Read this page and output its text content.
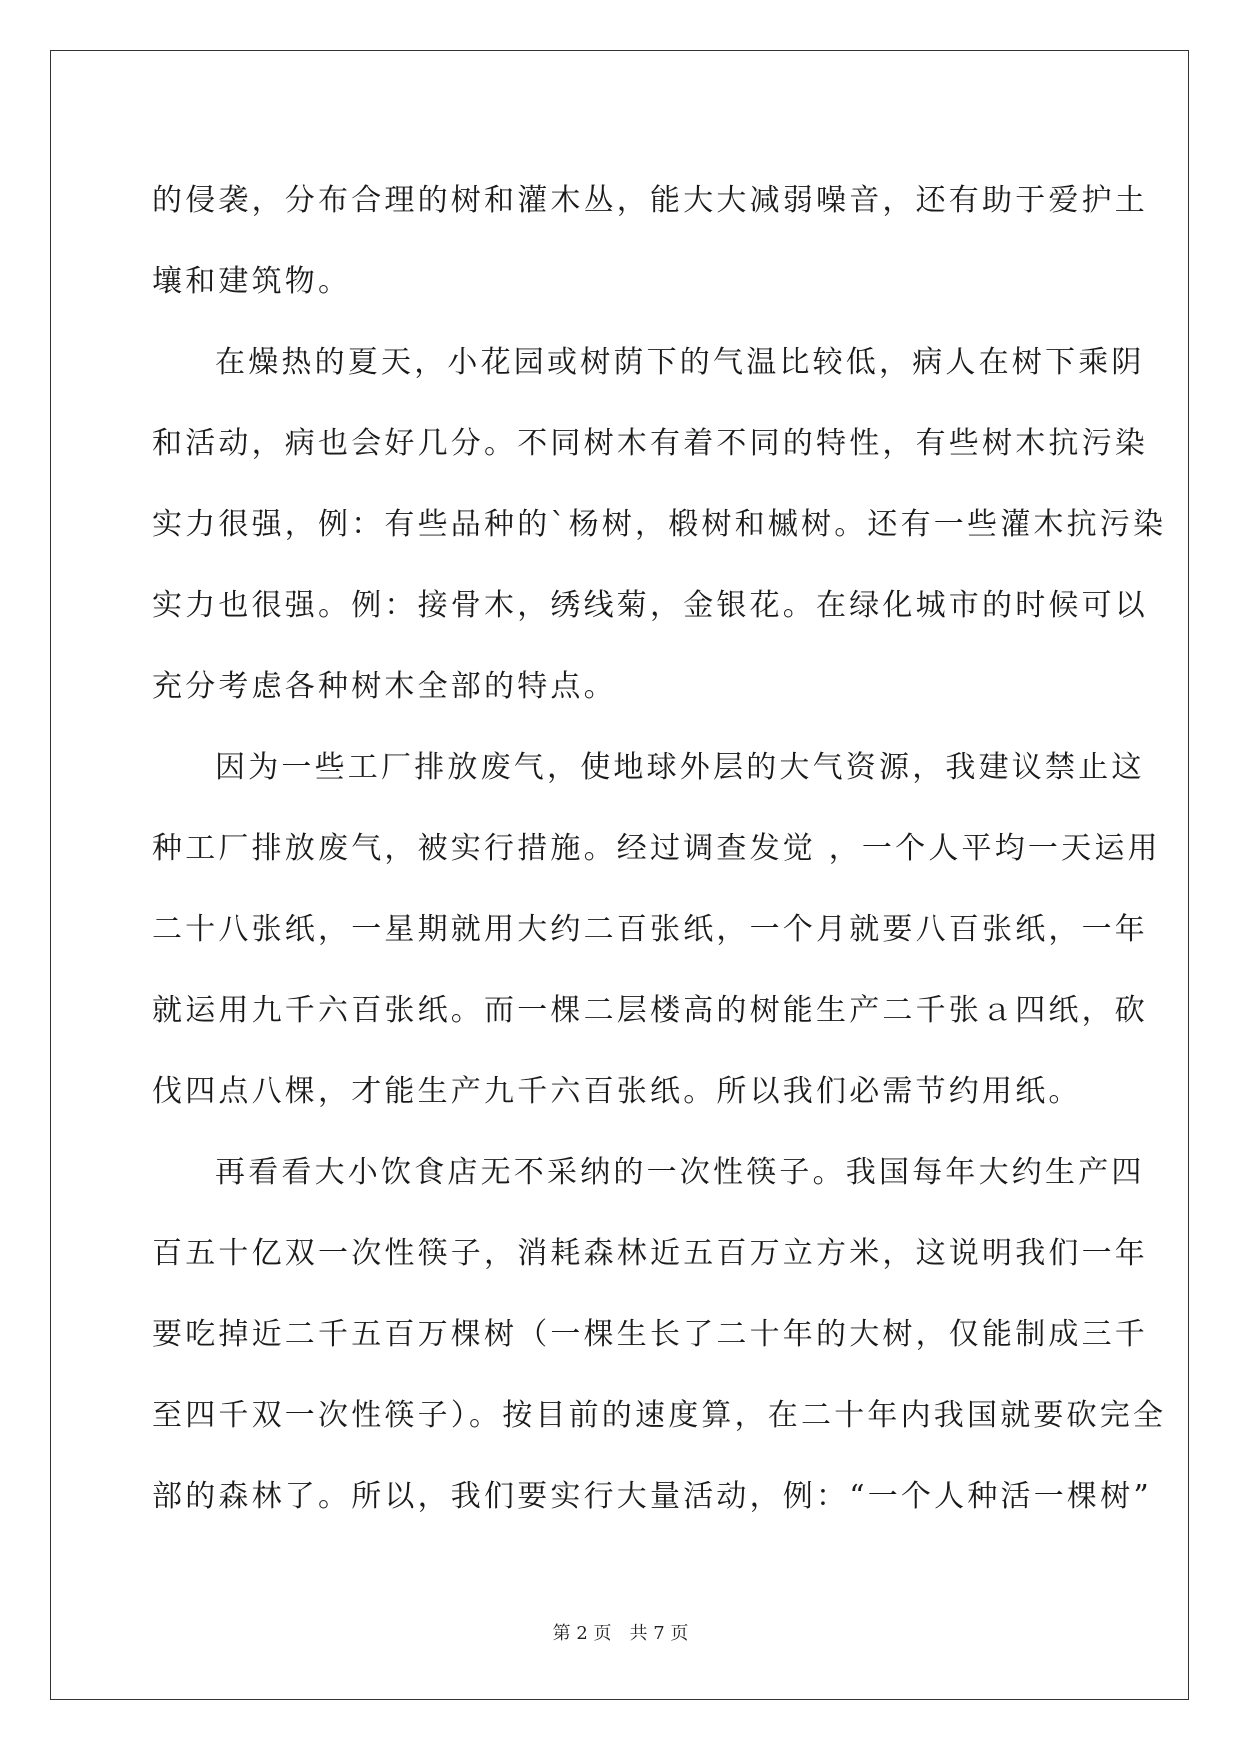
的侵袭，分布合理的树和灌木丛，能大大减弱噪音，还有助于爱护土
壤和建筑物。
在燥热的夏天，小花园或树荫下的气温比较低，病人在树下乘阴
和活动，病也会好几分。不同树木有着不同的特性，有些树木抗污染
实力很强，例：有些品种的`杨树，椴树和槭树。还有一些灌木抗污染
实力也很强。例：接骨木，绣线菊，金银花。在绿化城市的时候可以
充分考虑各种树木全部的特点。
因为一些工厂排放废气，使地球外层的大气资源，我建议禁止这
种工厂排放废气，被实行措施。经过调查发觉 ，一个人平均一天运用
二十八张纸，一星期就用大约二百张纸，一个月就要八百张纸，一年
就运用九千六百张纸。而一棵二层楼高的树能生产二千张ａ四纸，砍
伐四点八棵，才能生产九千六百张纸。所以我们必需节约用纸。
再看看大小饮食店无不采纳的一次性筷子。我国每年大约生产四
百五十亿双一次性筷子，消耗森林近五百万立方米，这说明我们一年
要吃掉近二千五百万棵树（一棵生长了二十年的大树，仅能制成三千
至四千双一次性筷子）。按目前的速度算，在二十年内我国就要砍完全
部的森林了。所以，我们要实行大量活动，例：“一个人种活一棵树”
第 2 页　共 7 页
